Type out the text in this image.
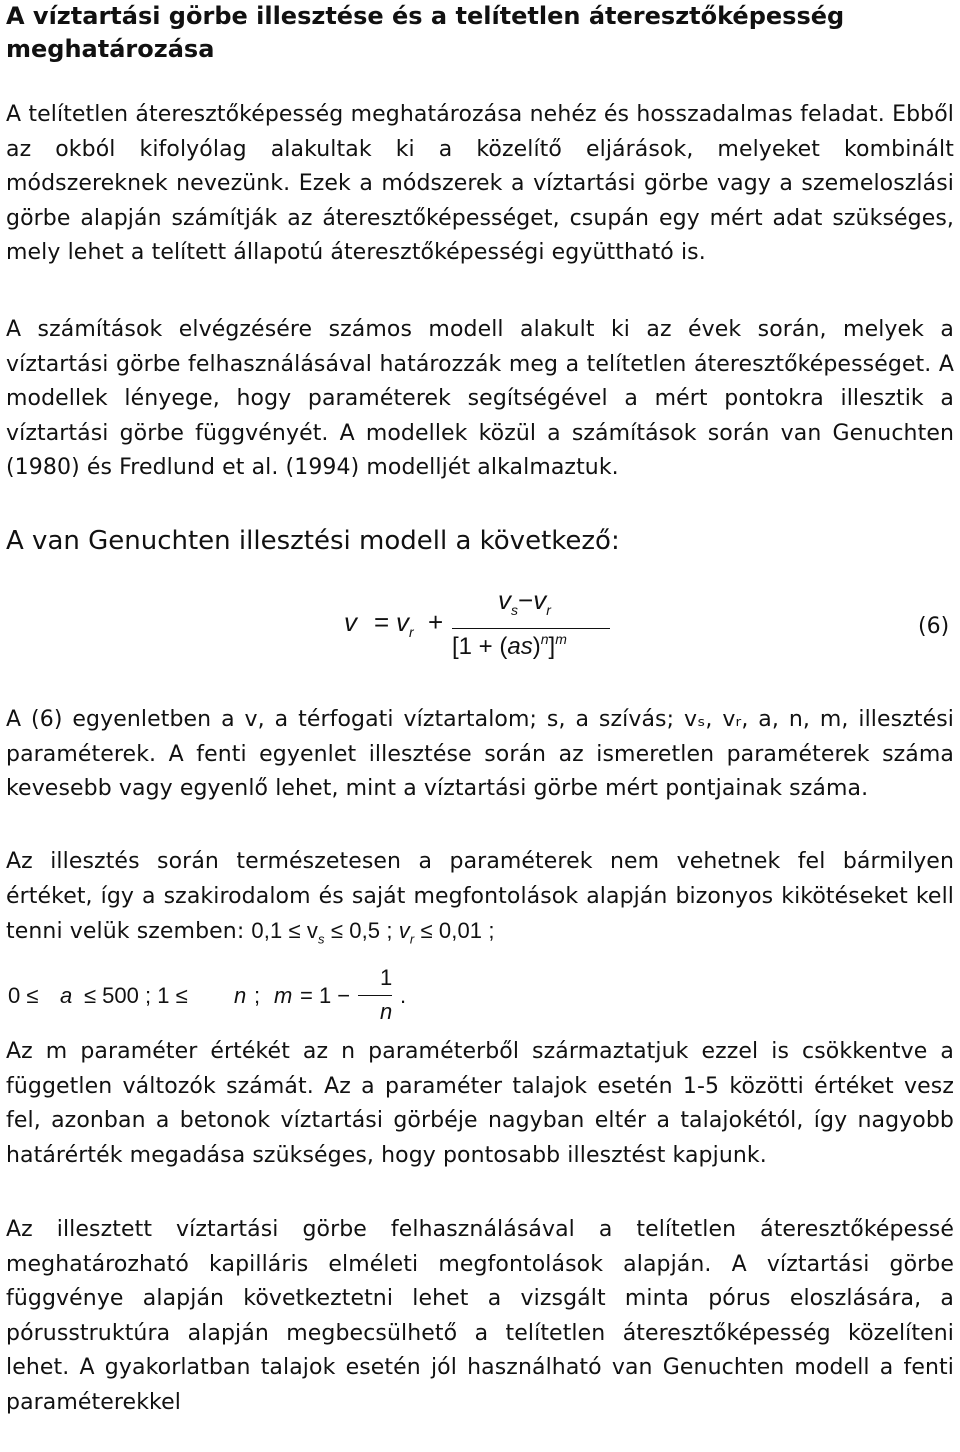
A víztartási görbe illesztése és a telítetlen áteresztőképesség meghatározása

A telítetlen áteresztőképesség meghatározása nehéz és hosszadalmas feladat. Ebből az okból kifolyólag alakultak ki a közelítő eljárások, melyeket kombinált módszereknek nevezünk. Ezek a módszerek a víztartási görbe vagy a szemeloszlási görbe alapján számítják az áteresztőképességet, csupán egy mért adat szükséges, mely lehet a telített állapotú áteresztőképességi együttható is.

A számítások elvégzésére számos modell alakult ki az évek során, melyek a víztartási görbe felhasználásával határozzák meg a telítetlen áteresztőképességet. A modellek lényege, hogy paraméterek segítségével a mért pontokra illesztik a víztartási görbe függvényét. A modellek közül a számítások során van Genuchten (1980) és Fredlund et al. (1994) modelljét alkalmaztuk.

A van Genuchten illesztési modell a következő:

$v = v_r$ +
$v_s-v_r$
$[1 + (as)^n]^m$	(6)

A (6) egyenletben a v, a térfogati víztartalom; s, a szívás; vₛ, vᵣ, a, n, m, illesztési paraméterek. A fenti egyenlet illesztése során az ismeretlen paraméterek száma kevesebb vagy egyenlő lehet, mint a víztartási görbe mért pontjainak száma.

Az illesztés során természetesen a paraméterek nem vehetnek fel bármilyen értéket, így a szakirodalom és saját megfontolások alapján bizonyos kikötéseket kell tenni velük szemben: $0,1 \le v_s \le 0,5$ ; $v_r \le 0,01$ ;

0 ≤ a ≤ 500 ; 1 ≤ n ; m = 1 −
1
n
.

Az m paraméter értékét az n paraméterből származtatjuk ezzel is csökkentve a független változók számát. Az a paraméter talajok esetén 1-5 közötti értéket vesz fel, azonban a betonok víztartási görbéje nagyban eltér a talajokétól, így nagyobb határérték megadása szükséges, hogy pontosabb illesztést kapjunk.

Az illesztett víztartási görbe felhasználásával a telítetlen áteresztőképessé meghatározható kapilláris elméleti megfontolások alapján. A víztartási görbe függvénye alapján következtetni lehet a vizsgált minta pórus eloszlására, a pórusstruktúra alapján megbecsülhető a telítetlen áteresztőképesség közelíteni lehet. A gyakorlatban talajok esetén jól használható van Genuchten modell a fenti paraméterekkel
